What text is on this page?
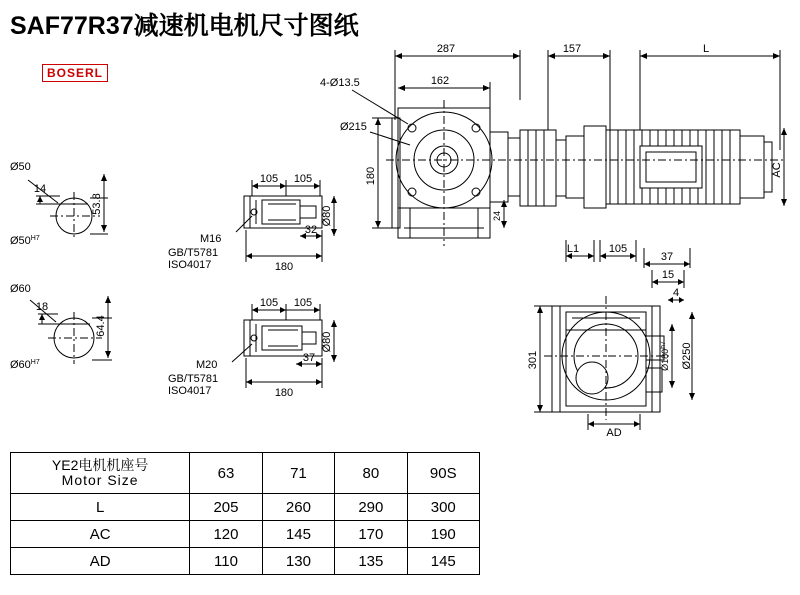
SAF77R37减速机电机尺寸图纸
BOSERL
287	157	L
4-Ø13.5	162
Ø215
180
24
AC
Ø50
14
53.8
$Ø50^{H7}$
Ø60
18
64.4
$Ø60^{H7}$
105 105
32
180
Ø80
M16
GB/T5781
ISO4017
105 105
37
180
Ø80
M20
GB/T5781
ISO4017
L1	105
37
15
4
301	$Ø180^{h7}$ Ø250
AD
YE2电机机座号
Motor Size	63	71	80	90S
L	205	260	290	300
AC	120	145	170	190
AD	110	130	135	145
